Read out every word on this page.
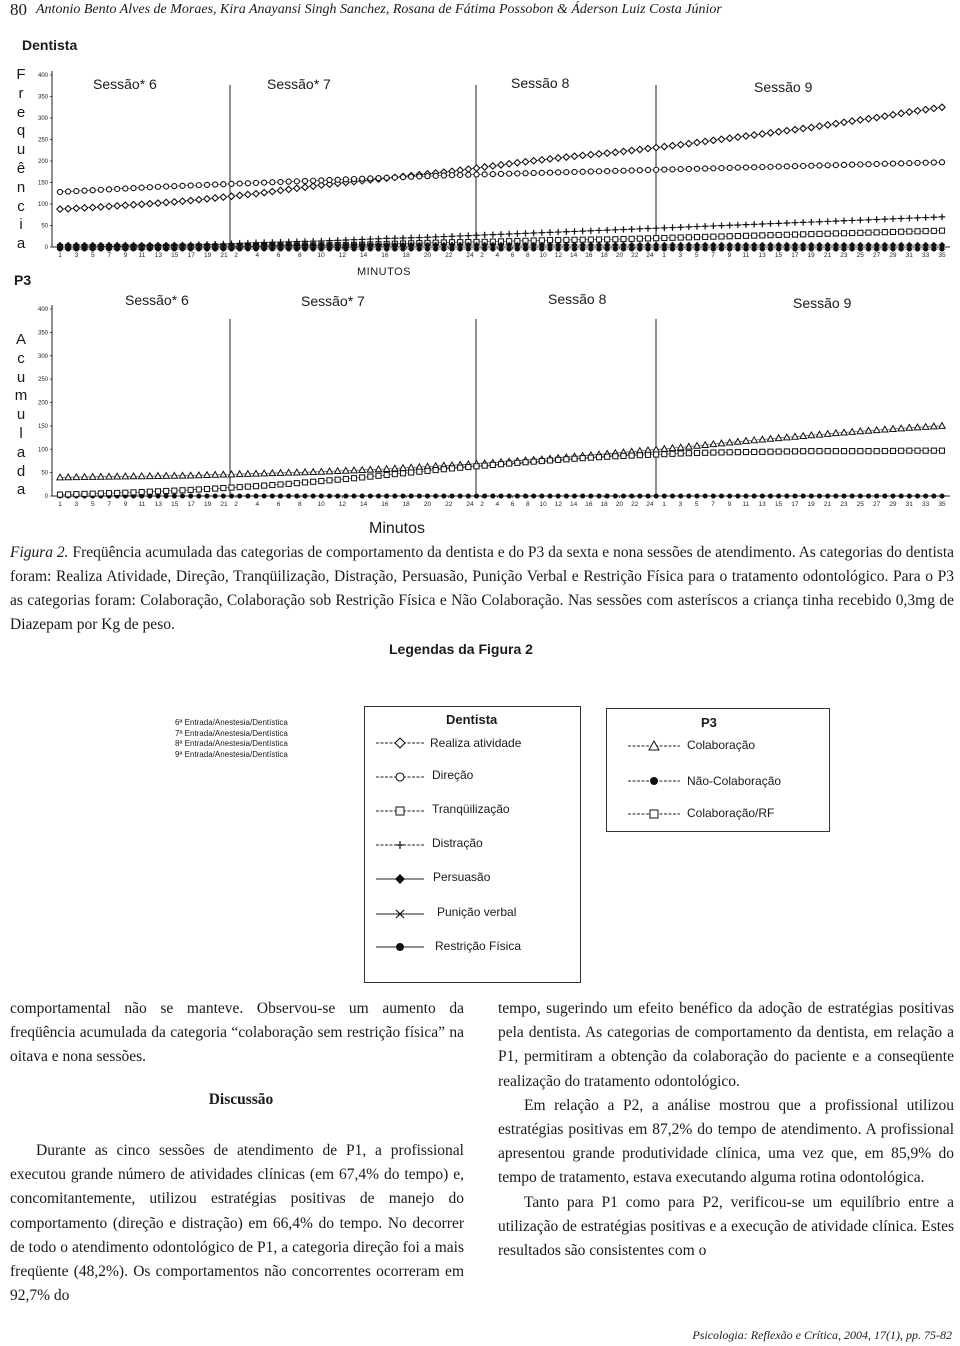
80 Antonio Bento Alves de Moraes, Kira Anayansi Singh Sanchez, Rosana de Fátima Possobon & Áderson Luiz Costa Júnior
Dentista
F
r
e
q
u
ê
n
c
i
a
Sessão* 6	Sessão* 7	Sessão 8	Sessão 9
MINUTOS
P3
A
c
u
m
u
l
a
d
a
Sessão* 6	Sessão* 7	Sessão 8	Sessão 9
Minutos
400
350
300
250
200
150
100
50
0
1 3 5 7 9 11 13 15 17 19 21 2	4	6	8 10 12 14 16 18 20 22 24 2 4 6 8 10 12 14 16 18 20 22 24 1 3 5 7 9 11 13 15 17 19 21 23 25 27 29 31 33 35
400
350
300
250
200
150
100
50
0
1 3 5 7 9 11 13 15 17 19 21 2	4	6	8 10 12 14 16 18 20 22 24 2 4 6 8 10 12 14 16 18 20 22 24 1 3 5 7 9 11 13 15 17 19 21 23 25 27 29 31 33 35
Figura 2. Freqüência acumulada das categorias de comportamento da dentista e do P3 da sexta e nona sessões de atendimento. As categorias do dentista foram: Realiza Atividade, Direção, Tranqüilização, Distração, Persuasão, Punição Verbal e Restrição Física para o tratamento odontológico. Para o P3 as categorias foram: Colaboração, Colaboração sob Restrição Física e Não Colaboração. Nas sessões com asteríscos a criança tinha recebido 0,3mg de Diazepam por Kg de peso.
Legendas da Figura 2
6ª Entrada/Anestesia/Dentística
7ª Entrada/Anestesia/Dentística
8ª Entrada/Anestesia/Dentística
9ª Entrada/Anestesia/Dentística
Dentista
Realiza atividade
Direção
Tranqüilização
Distração
Persuasão
Punição verbal
Restrição Física
P3
Colaboração
Não-Colaboração
Colaboração/RF

comportamental não se manteve. Observou-se um aumento da freqüência acumulada da categoria “colaboração sem restrição física” na oitava e nona sessões.

Discussão

Durante as cinco sessões de atendimento de P1, a profissional executou grande número de atividades clínicas (em 67,4% do tempo) e, concomitantemente, utilizou estratégias positivas de manejo do comportamento (direção e distração) em 66,4% do tempo. No decorrer de todo o atendimento odontológico de P1, a categoria direção foi a mais freqüente (48,2%). Os comportamentos não concorrentes ocorreram em 92,7% do

tempo, sugerindo um efeito benéfico da adoção de estratégias positivas pela dentista. As categorias de comportamento da dentista, em relação a P1, permitiram a obtenção da colaboração do paciente e a conseqüente realização do tratamento odontológico.

Em relação a P2, a análise mostrou que a profissional utilizou estratégias positivas em 87,2% do tempo de atendimento. A profissional apresentou grande produtividade clínica, uma vez que, em 85,9% do tempo de tratamento, estava executando alguma rotina odontológica.

Tanto para P1 como para P2, verificou-se um equilíbrio entre a utilização de estratégias positivas e a execução de atividade clínica. Estes resultados são consistentes com o

Psicologia: Reflexão e Crítica, 2004, 17(1), pp. 75-82
